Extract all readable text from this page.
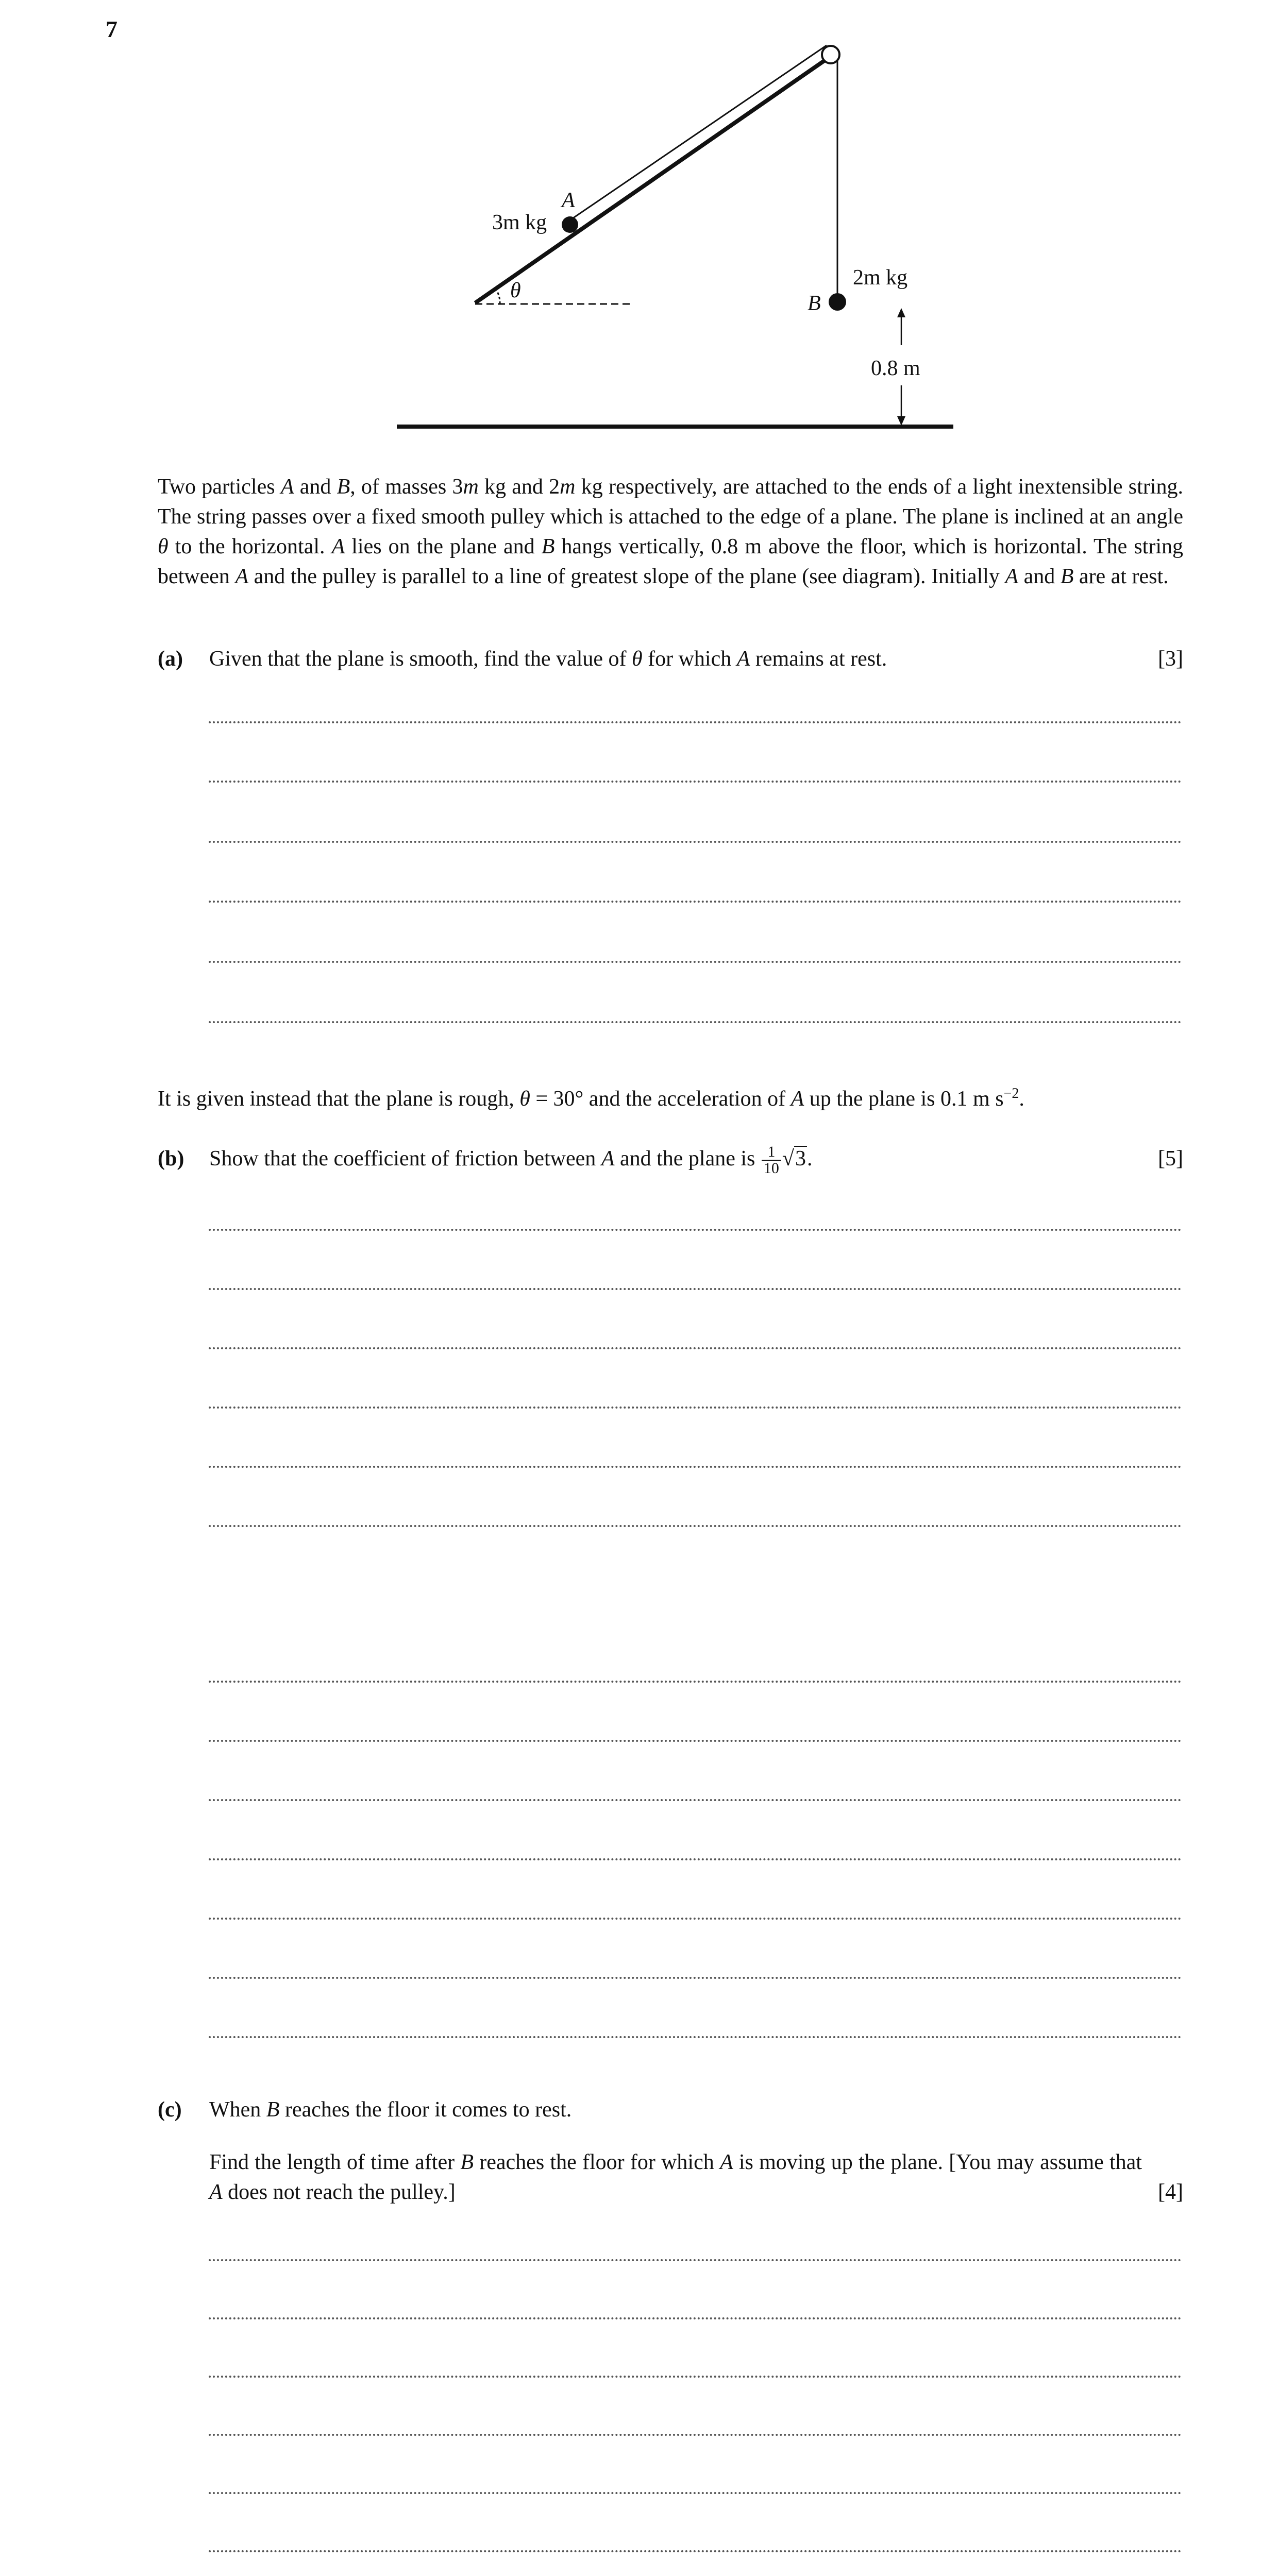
7
3m kg
A
θ
2m kg
B
0.8 m
Two particles A and B, of masses 3m kg and 2m kg respectively, are attached to the ends of a light inextensible string. The string passes over a fixed smooth pulley which is attached to the edge of a plane. The plane is inclined at an angle θ to the horizontal. A lies on the plane and B hangs vertically, 0.8 m above the floor, which is horizontal. The string between A and the pulley is parallel to a line of greatest slope of the plane (see diagram). Initially A and B are at rest.
(a) Given that the plane is smooth, find the value of θ for which A remains at rest.	[3]
It is given instead that the plane is rough, θ = 30° and the acceleration of A up the plane is 0.1 m $s^{-2}$.
(b) Show that the coefficient of friction between A and the plane is $\frac{1}{10} √3$.	[5]
(c) When B reaches the floor it comes to rest.
Find the length of time after B reaches the floor for which A is moving up the plane. [You may assume that A does not reach the pulley.]	[4]
